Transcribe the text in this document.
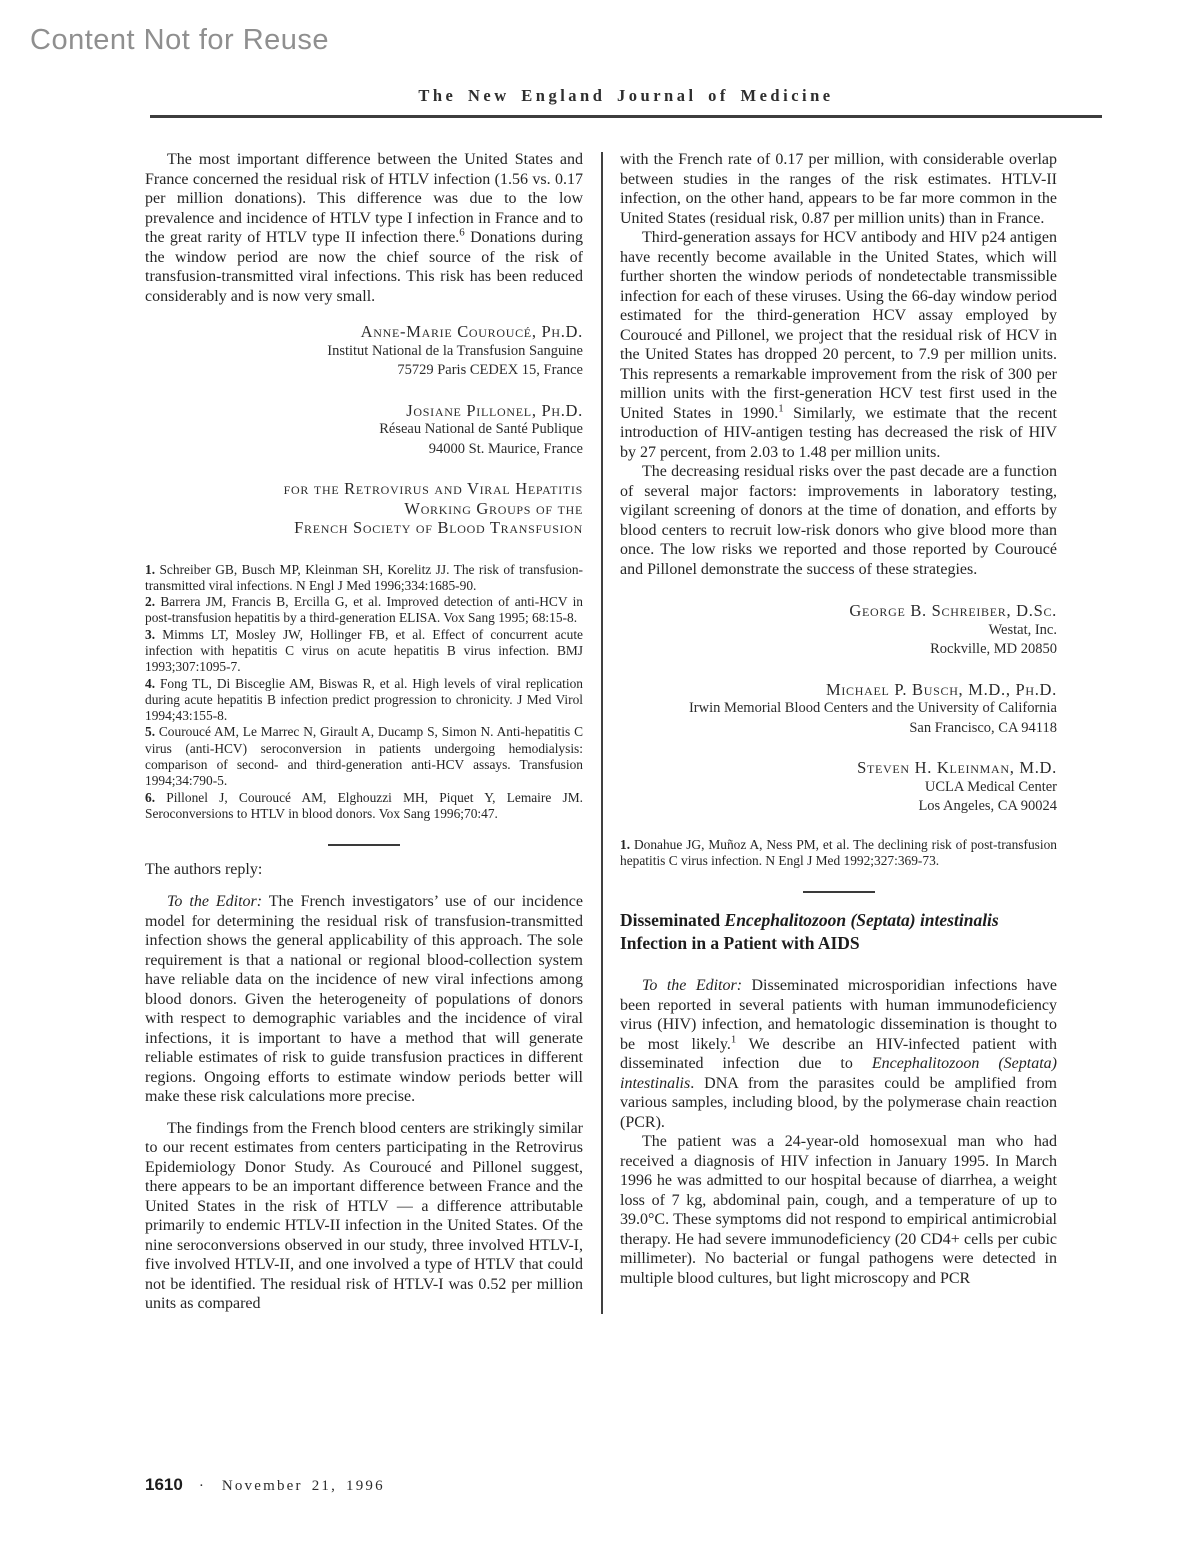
Content Not for Reuse
The New England Journal of Medicine

The most important difference between the United States and France concerned the residual risk of HTLV infection (1.56 vs. 0.17 per million donations). This difference was due to the low prevalence and incidence of HTLV type I infection in France and to the great rarity of HTLV type II infection there.$^6$ Donations during the window period are now the chief source of the risk of transfusion-transmitted viral infections. This risk has been reduced considerably and is now very small.

Anne-Marie Couroucé, Ph.D.
Institut National de la Transfusion Sanguine
75729 Paris CEDEX 15, France
Josiane Pillonel, Ph.D.
Réseau National de Santé Publique
94000 St. Maurice, France
for the Retrovirus and Viral Hepatitis
Working Groups of the
French Society of Blood Transfusion
1. Schreiber GB, Busch MP, Kleinman SH, Korelitz JJ. The risk of transfusion-transmitted viral infections. N Engl J Med 1996;334:1685-90.
2. Barrera JM, Francis B, Ercilla G, et al. Improved detection of anti-HCV in post-transfusion hepatitis by a third-generation ELISA. Vox Sang 1995; 68:15-8.
3. Mimms LT, Mosley JW, Hollinger FB, et al. Effect of concurrent acute infection with hepatitis C virus on acute hepatitis B virus infection. BMJ 1993;307:1095-7.
4. Fong TL, Di Bisceglie AM, Biswas R, et al. High levels of viral replication during acute hepatitis B infection predict progression to chronicity. J Med Virol 1994;43:155-8.
5. Couroucé AM, Le Marrec N, Girault A, Ducamp S, Simon N. Anti-hepatitis C virus (anti-HCV) seroconversion in patients undergoing hemodialysis: comparison of second- and third-generation anti-HCV assays. Transfusion 1994;34:790-5.
6. Pillonel J, Couroucé AM, Elghouzzi MH, Piquet Y, Lemaire JM. Seroconversions to HTLV in blood donors. Vox Sang 1996;70:47.

The authors reply:

To the Editor: The French investigators’ use of our incidence model for determining the residual risk of transfusion-transmitted infection shows the general applicability of this approach. The sole requirement is that a national or regional blood-collection system have reliable data on the incidence of new viral infections among blood donors. Given the heterogeneity of populations of donors with respect to demographic variables and the incidence of viral infections, it is important to have a method that will generate reliable estimates of risk to guide transfusion practices in different regions. Ongoing efforts to estimate window periods better will make these risk calculations more precise.

The findings from the French blood centers are strikingly similar to our recent estimates from centers participating in the Retrovirus Epidemiology Donor Study. As Couroucé and Pillonel suggest, there appears to be an important difference between France and the United States in the risk of HTLV — a difference attributable primarily to endemic HTLV-II infection in the United States. Of the nine seroconversions observed in our study, three involved HTLV-I, five involved HTLV-II, and one involved a type of HTLV that could not be identified. The residual risk of HTLV-I was 0.52 per million units as compared

with the French rate of 0.17 per million, with considerable overlap between studies in the ranges of the risk estimates. HTLV-II infection, on the other hand, appears to be far more common in the United States (residual risk, 0.87 per million units) than in France.

Third-generation assays for HCV antibody and HIV p24 antigen have recently become available in the United States, which will further shorten the window periods of nondetectable transmissible infection for each of these viruses. Using the 66-day window period estimated for the third-generation HCV assay employed by Couroucé and Pillonel, we project that the residual risk of HCV in the United States has dropped 20 percent, to 7.9 per million units. This represents a remarkable improvement from the risk of 300 per million units with the first-generation HCV test first used in the United States in 1990.$^1$ Similarly, we estimate that the recent introduction of HIV-antigen testing has decreased the risk of HIV by 27 percent, from 2.03 to 1.48 per million units.

The decreasing residual risks over the past decade are a function of several major factors: improvements in laboratory testing, vigilant screening of donors at the time of donation, and efforts by blood centers to recruit low-risk donors who give blood more than once. The low risks we reported and those reported by Couroucé and Pillonel demonstrate the success of these strategies.

George B. Schreiber, D.Sc.
Westat, Inc.
Rockville, MD 20850
Michael P. Busch, M.D., Ph.D.
Irwin Memorial Blood Centers and the University of California
San Francisco, CA 94118
Steven H. Kleinman, M.D.
UCLA Medical Center
Los Angeles, CA 90024
1. Donahue JG, Muñoz A, Ness PM, et al. The declining risk of post-transfusion hepatitis C virus infection. N Engl J Med 1992;327:369-73.
Disseminated Encephalitozoon (Septata) intestinalis Infection in a Patient with AIDS

To the Editor: Disseminated microsporidian infections have been reported in several patients with human immunodeficiency virus (HIV) infection, and hematologic dissemination is thought to be most likely.$^1$ We describe an HIV-infected patient with disseminated infection due to Encephalitozoon (Septata) intestinalis. DNA from the parasites could be amplified from various samples, including blood, by the polymerase chain reaction (PCR).

The patient was a 24-year-old homosexual man who had received a diagnosis of HIV infection in January 1995. In March 1996 he was admitted to our hospital because of diarrhea, a weight loss of 7 kg, abdominal pain, cough, and a temperature of up to 39.0°C. These symptoms did not respond to empirical antimicrobial therapy. He had severe immunodeficiency (20 CD4+ cells per cubic millimeter). No bacterial or fungal pathogens were detected in multiple blood cultures, but light microscopy and PCR

1610 · November 21, 1996
